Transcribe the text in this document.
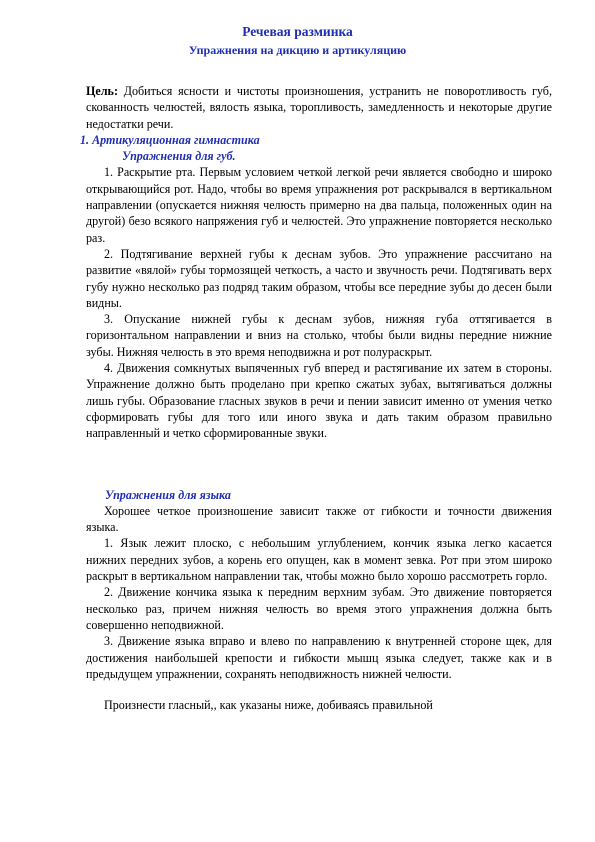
Речевая разминка
Упражнения на дикцию и артикуляцию

Цель: Добиться ясности и чистоты произношения, устранить не поворотливость губ, скованность челюстей, вялость языка, торопливость, замедленность и некоторые другие недостатки речи.

1. Артикуляционная гимнастика

Упражнения для губ.

1. Раскрытие рта. Первым условием четкой легкой речи является свободно и широко открывающийся рот. Надо, чтобы во время упражнения рот раскрывался в вертикальном направлении (опускается нижняя челюсть примерно на два пальца, положенных один на другой) безо всякого напряжения губ и челюстей. Это упражнение повторяется несколько раз.

2. Подтягивание верхней губы к деснам зубов. Это упражнение рассчитано на развитие «вялой» губы тормозящей четкость, а часто и звучность речи. Подтягивать верх губу нужно несколько раз подряд таким образом, чтобы все передние зубы до десен были видны.

3. Опускание нижней губы к деснам зубов, нижняя губа оттягивается в горизонтальном направлении и вниз на столько, чтобы были видны передние нижние зубы. Нижняя челюсть в это время неподвижна и рот полураскрыт.

4. Движения сомкнутых выпяченных губ вперед и растягивание их затем в стороны. Упражнение должно быть проделано при крепко сжатых зубах, вытягиваться должны лишь губы. Образование гласных звуков в речи и пении зависит именно от умения четко сформировать губы для того или иного звука и дать таким образом правильно направленный и четко сформированные звуки.

Упражнения для языка

Хорошее четкое произношение зависит также от гибкости и точности движения языка.

1. Язык лежит плоско, с небольшим углублением, кончик языка легко касается нижних передних зубов, а корень его опущен, как в момент зевка. Рот при этом широко раскрыт в вертикальном направлении так, чтобы можно было хорошо рассмотреть горло.

2. Движение кончика языка к передним верхним зубам. Это движение повторяется несколько раз, причем нижняя челюсть во время этого упражнения должна быть совершенно неподвижной.

3. Движение языка вправо и влево по направлению к внутренней стороне щек, для достижения наибольшей крепости и гибкости мышц языка следует, также как и в предыдущем упражнении, сохранять неподвижность нижней челюсти.

Произнести гласный,, как указаны ниже, добиваясь правильной
